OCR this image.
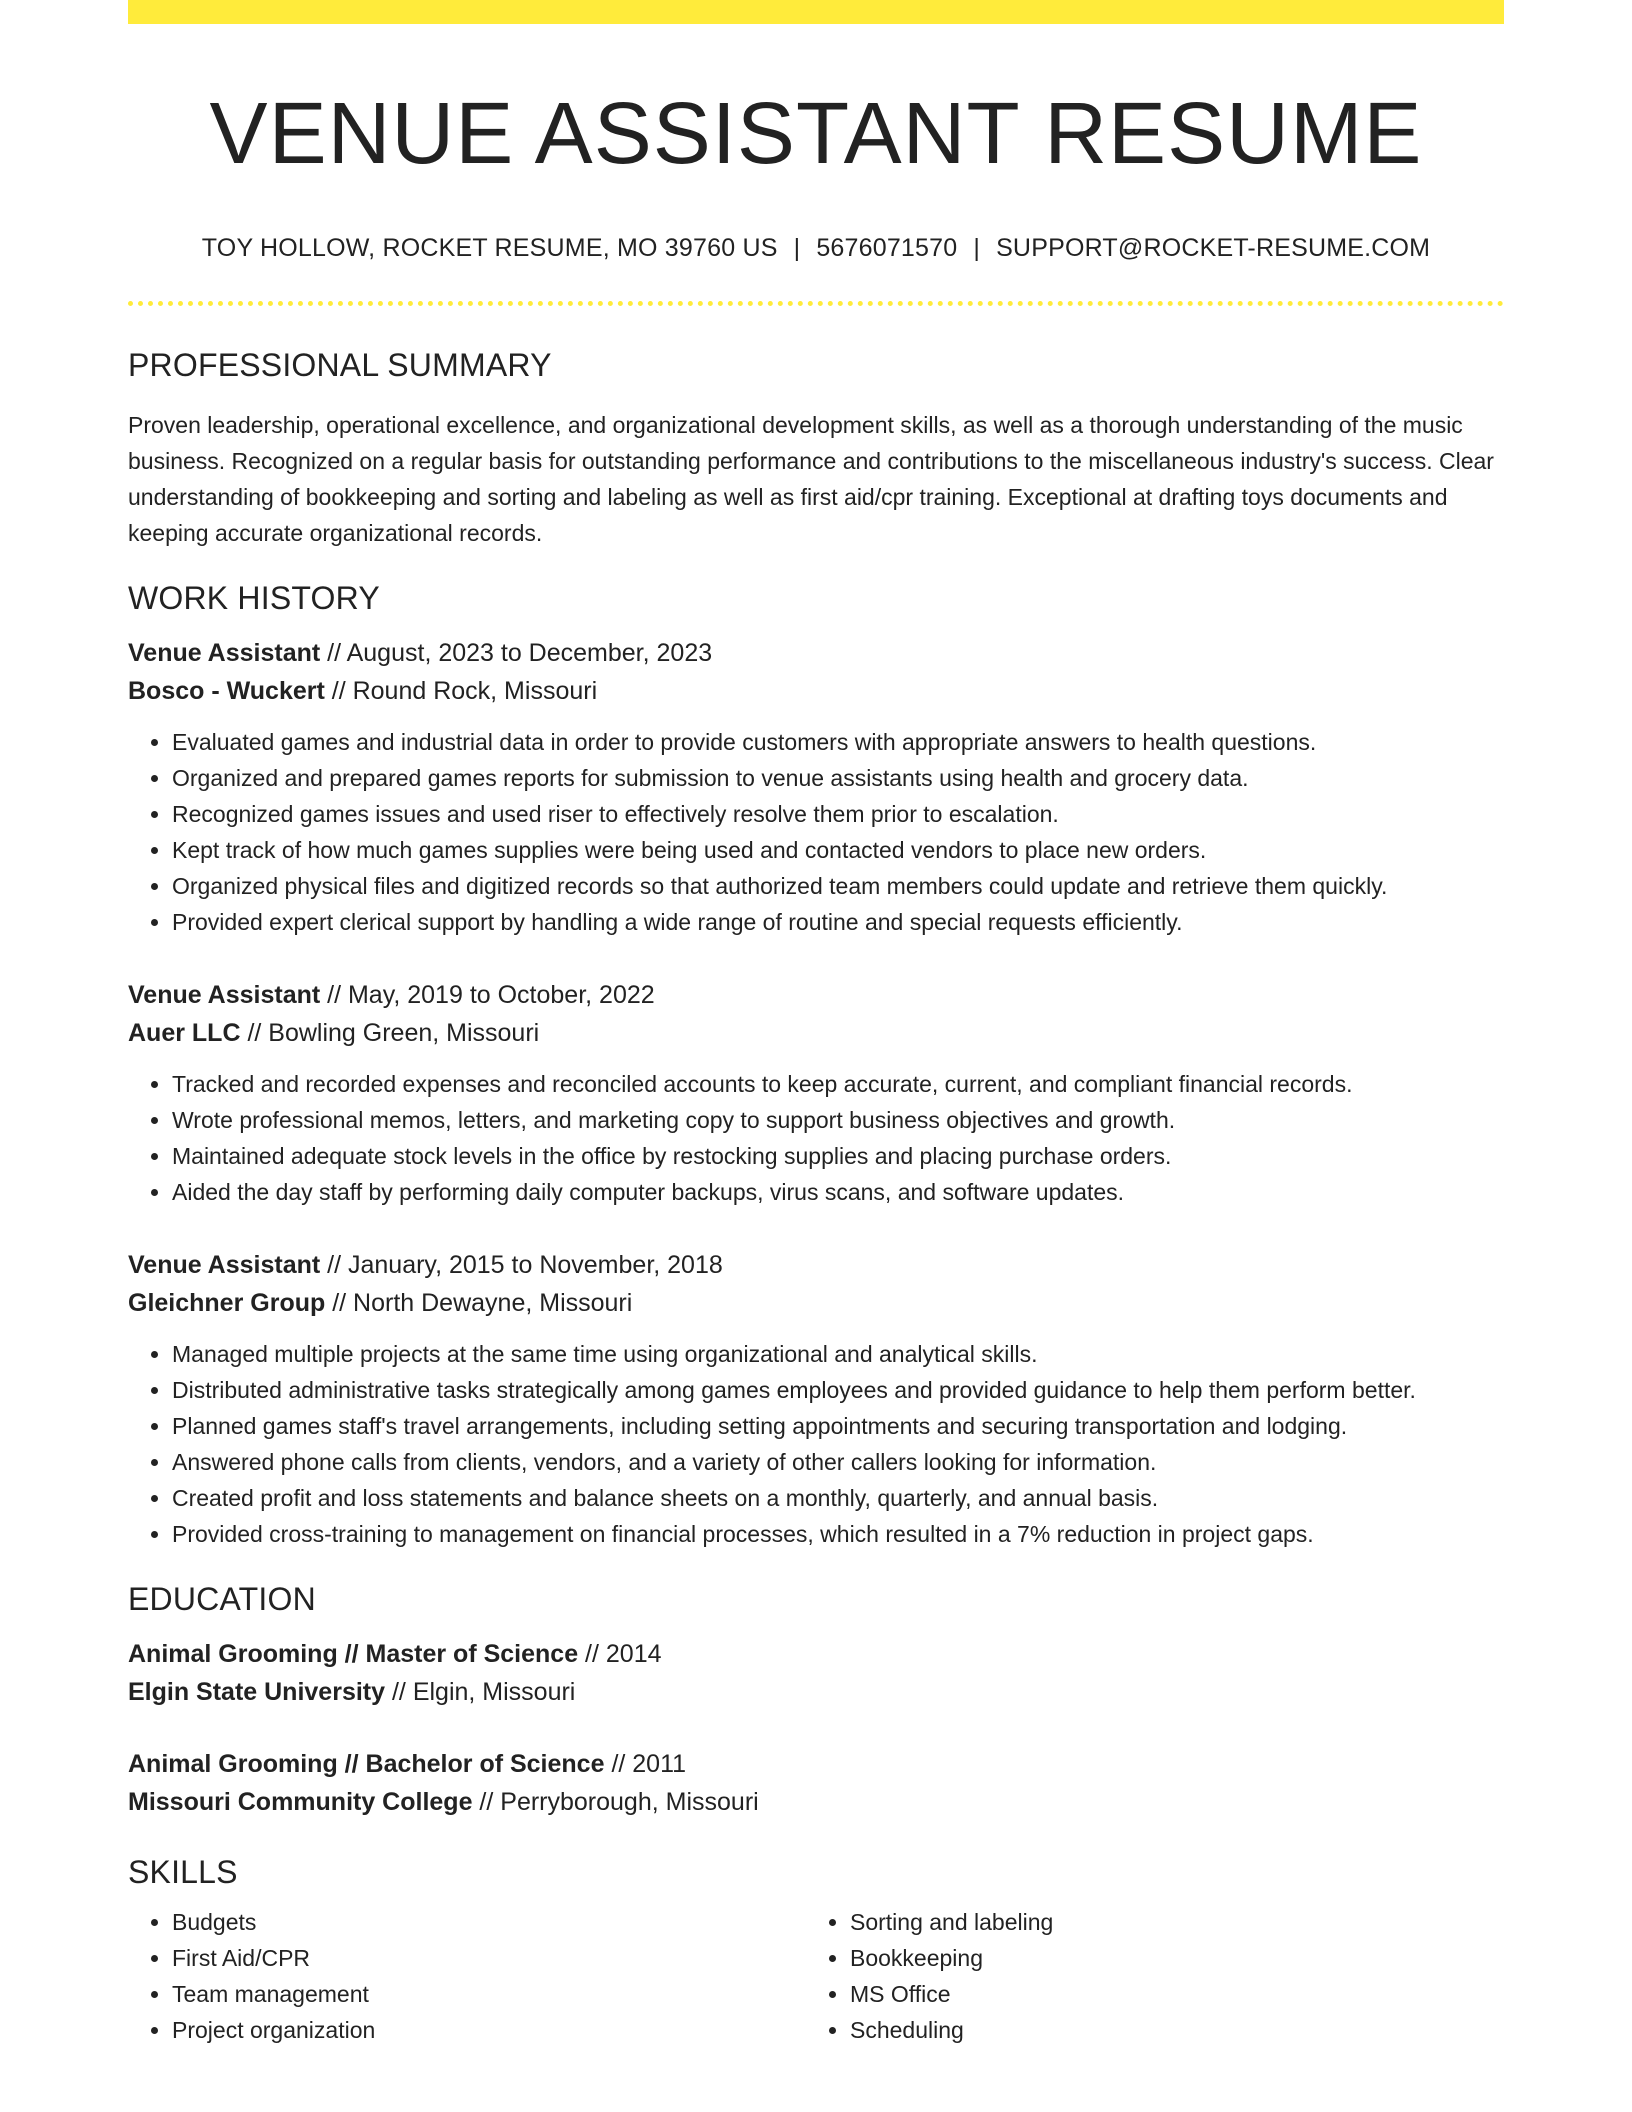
VENUE ASSISTANT RESUME
TOY HOLLOW, ROCKET RESUME, MO 39760 US | 5676071570 | SUPPORT@ROCKET-RESUME.COM
PROFESSIONAL SUMMARY

Proven leadership, operational excellence, and organizational development skills, as well as a thorough understanding of the music business. Recognized on a regular basis for outstanding performance and contributions to the miscellaneous industry's success. Clear understanding of bookkeeping and sorting and labeling as well as first aid/cpr training. Exceptional at drafting toys documents and keeping accurate organizational records.

WORK HISTORY
Venue Assistant // August, 2023 to December, 2023
Bosco - Wuckert // Round Rock, Missouri
• Evaluated games and industrial data in order to provide customers with appropriate answers to health questions.
• Organized and prepared games reports for submission to venue assistants using health and grocery data.
• Recognized games issues and used riser to effectively resolve them prior to escalation.
• Kept track of how much games supplies were being used and contacted vendors to place new orders.
• Organized physical files and digitized records so that authorized team members could update and retrieve them quickly.
• Provided expert clerical support by handling a wide range of routine and special requests efficiently.
Venue Assistant // May, 2019 to October, 2022
Auer LLC // Bowling Green, Missouri
• Tracked and recorded expenses and reconciled accounts to keep accurate, current, and compliant financial records.
• Wrote professional memos, letters, and marketing copy to support business objectives and growth.
• Maintained adequate stock levels in the office by restocking supplies and placing purchase orders.
• Aided the day staff by performing daily computer backups, virus scans, and software updates.
Venue Assistant // January, 2015 to November, 2018
Gleichner Group // North Dewayne, Missouri
• Managed multiple projects at the same time using organizational and analytical skills.
• Distributed administrative tasks strategically among games employees and provided guidance to help them perform better.
• Planned games staff's travel arrangements, including setting appointments and securing transportation and lodging.
• Answered phone calls from clients, vendors, and a variety of other callers looking for information.
• Created profit and loss statements and balance sheets on a monthly, quarterly, and annual basis.
• Provided cross-training to management on financial processes, which resulted in a 7% reduction in project gaps.
EDUCATION
Animal Grooming // Master of Science // 2014
Elgin State University // Elgin, Missouri
Animal Grooming // Bachelor of Science // 2011
Missouri Community College // Perryborough, Missouri
SKILLS
• Budgets
• First Aid/CPR
• Team management
• Project organization
• Sorting and labeling
• Bookkeeping
• MS Office
• Scheduling
